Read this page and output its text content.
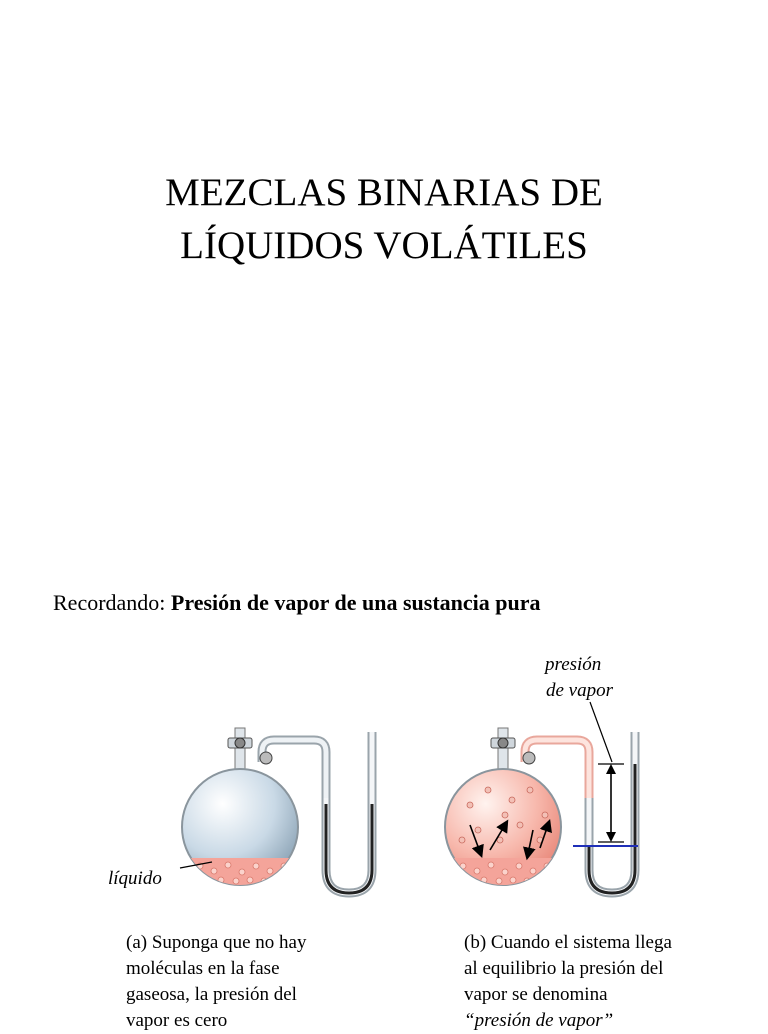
MEZCLAS BINARIAS DE
LÍQUIDOS VOLÁTILES
Recordando: Presión de vapor de una sustancia pura
líquido
presión
de vapor
(a) Suponga que no hay
moléculas en la fase
gaseosa, la presión del
vapor es cero
(b) Cuando el sistema llega
al equilibrio la presión del
vapor se denomina
“presión de vapor”
